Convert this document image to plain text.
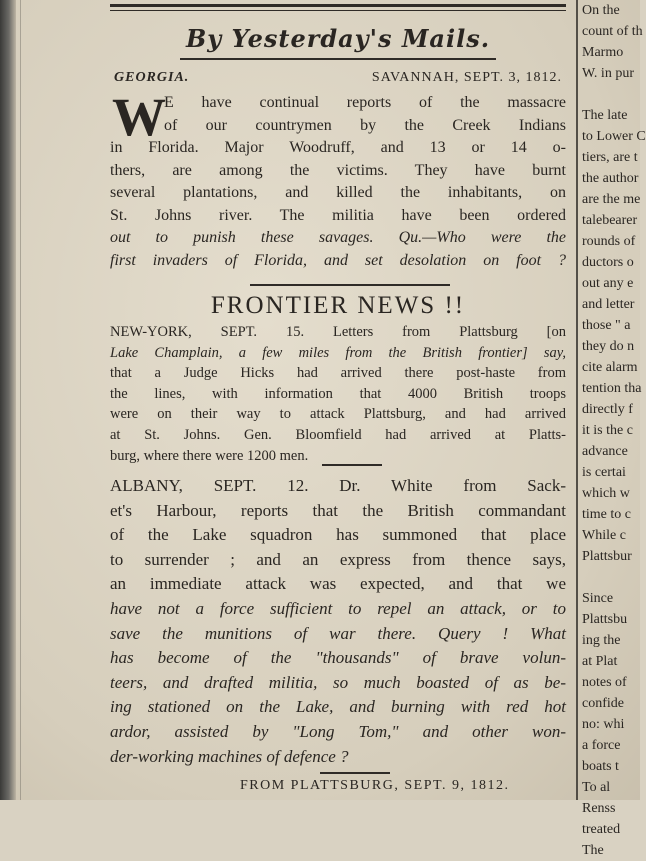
By Yesterday's Mails.
GEORGIA.	SAVANNAH, SEPT. 3, 1812.
W
E have continual reports of the massacre
of our countrymen by the Creek Indians
in Florida. Major Woodruff, and 13 or 14 o-
thers, are among the victims. They have burnt
several plantations, and killed the inhabitants, on
St. Johns river. The militia have been ordered
out to punish these savages. Qu.—Who were the
first invaders of Florida, and set desolation on foot ?
FRONTIER NEWS !!
NEW-YORK, SEPT. 15. Letters from Plattsburg [on
Lake Champlain, a few miles from the British frontier] say,
that a Judge Hicks had arrived there post-haste from
the lines, with information that 4000 British troops
were on their way to attack Plattsburg, and had arrived
at St. Johns. Gen. Bloomfield had arrived at Platts-
burg, where there were 1200 men.
ALBANY, SEPT. 12. Dr. White from Sack-
et's Harbour, reports that the British commandant
of the Lake squadron has summoned that place
to surrender ; and an express from thence says,
an immediate attack was expected, and that we
have not a force sufficient to repel an attack, or to
save the munitions of war there. Query ! What
has become of the "thousands" of brave volun-
teers, and drafted militia, so much boasted of as be-
ing stationed on the Lake, and burning with red hot
ardor, assisted by "Long Tom," and other won-
der-working machines of defence ?
FROM PLATTSBURG, SEPT. 9, 1812.
On the
count of th
Marmo
W. in pur
The late
to Lower C
tiers, are t
the author
are the me
talebearer
rounds of
ductors o
out any e
and letter
those " a
they do n
cite alarm
tention tha
directly f
it is the c
advance
is certai
which w
time to c
While c
Plattsbur
Since
Plattsbu
ing the
at Plat
notes of
confide
no: whi
a force
boats t
To al
Renss
treated
The
